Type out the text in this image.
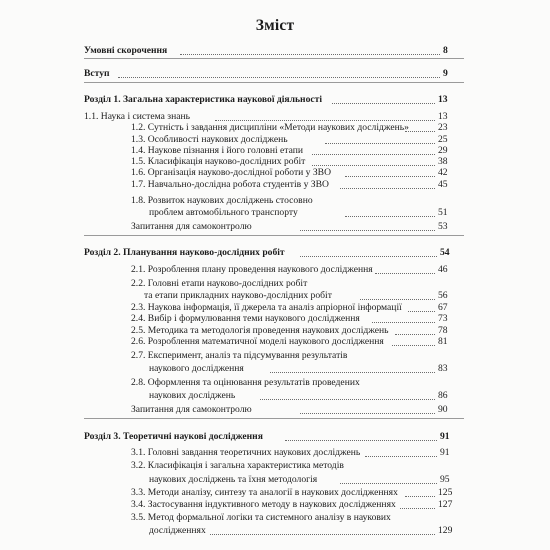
Зміст
Умовні скорочення	8
Вступ	9
Розділ 1. Загальна характеристика наукової діяльності	13
1.1. Наука і система знань	13
1.2. Сутність і завдання дисципліни «Методи наукових досліджень»	23
1.3. Особливості наукових досліджень	25
1.4. Наукове пізнання і його головні етапи	29
1.5. Класифікація науково-дослідних робіт	38
1.6. Організація науково-дослідної роботи у ЗВО	42
1.7. Навчально-дослідна робота студентів у ЗВО	45
1.8. Розвиток наукових досліджень стосовно
проблем автомобільного транспорту	51
Запитання для самоконтролю	53
Розділ 2. Планування науково-дослідних робіт	54
2.1. Розроблення плану проведення наукового дослідження	46
2.2. Головні етапи науково-дослідних робіт
та етапи прикладних науково-дослідних робіт	56
2.3. Наукова інформація, її джерела та аналіз апріорної інформації	67
2.4. Вибір і формулювання теми наукового дослідження	73
2.5. Методика та методологія проведення наукових досліджень	78
2.6. Розроблення математичної моделі наукового дослідження	81
2.7. Експеримент, аналіз та підсумування результатів
наукового дослідження	83
2.8. Оформлення та оцінювання результатів проведених
наукових досліджень	86
Запитання для самоконтролю	90
Розділ 3. Теоретичні наукові дослідження	91
3.1. Головні завдання теоретичних наукових досліджень	91
3.2. Класифікація і загальна характеристика методів
наукових досліджень та їхня методологія	95
3.3. Методи аналізу, синтезу та аналогії в наукових дослідженнях	125
3.4. Застосування індуктивного методу в наукових дослідженнях	127
3.5. Метод формальної логіки та системного аналізу в наукових
дослідженнях	129
